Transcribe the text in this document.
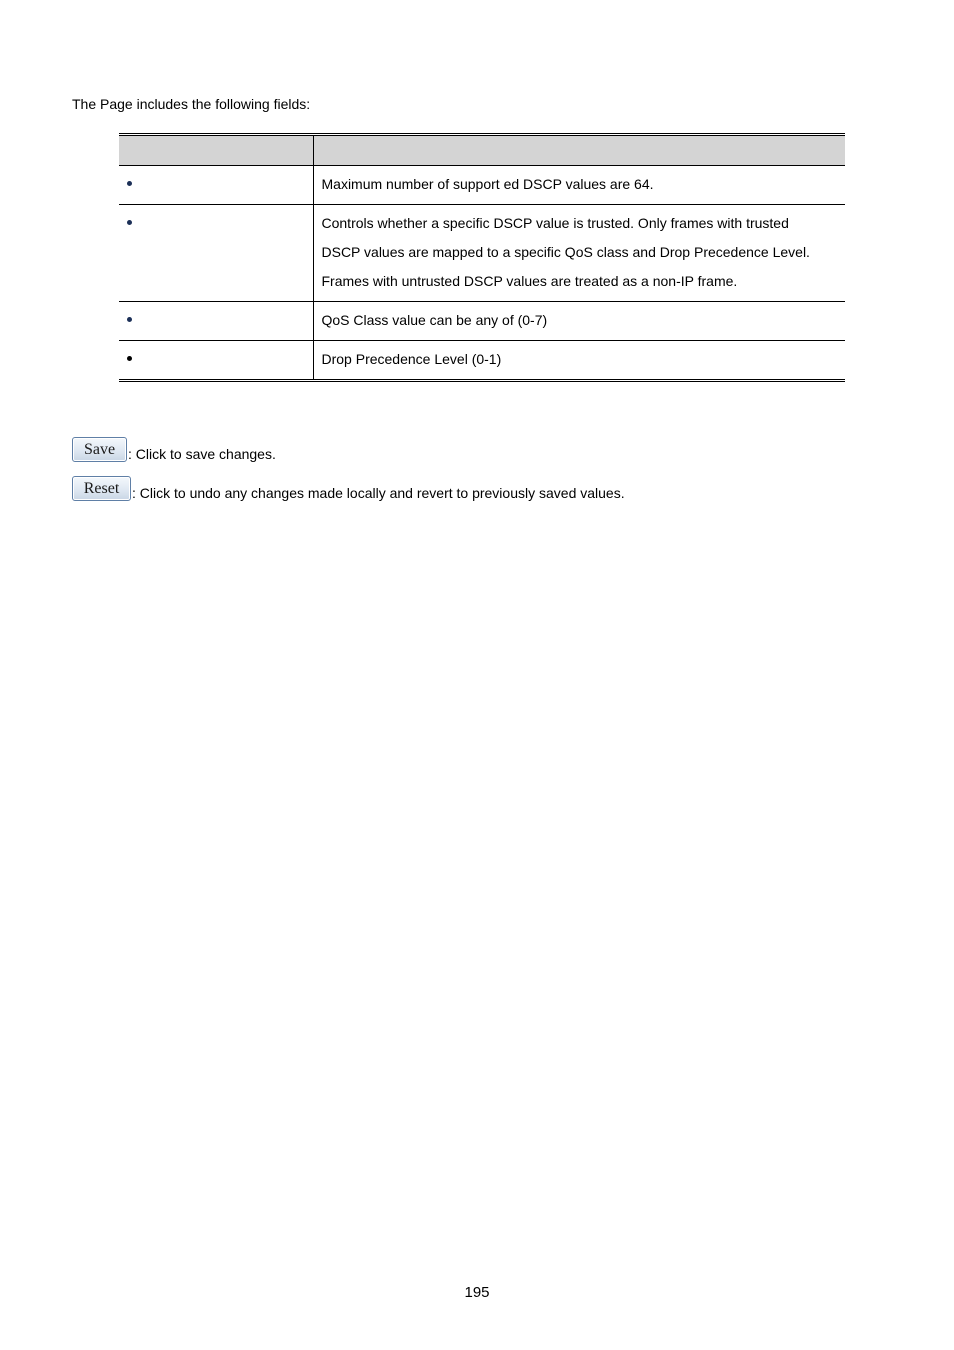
The Page includes the following fields:

	Maximum number of support ed DSCP values are 64.

	Controls whether a specific DSCP value is trusted. Only frames with trusted
DSCP values are mapped to a specific QoS class and Drop Precedence Level.
Frames with untrusted DSCP values are treated as a non-IP frame.

	QoS Class value can be any of (0-7)

	Drop Precedence Level (0-1)
Save : Click to save changes.
Reset : Click to undo any changes made locally and revert to previously saved values.
195
